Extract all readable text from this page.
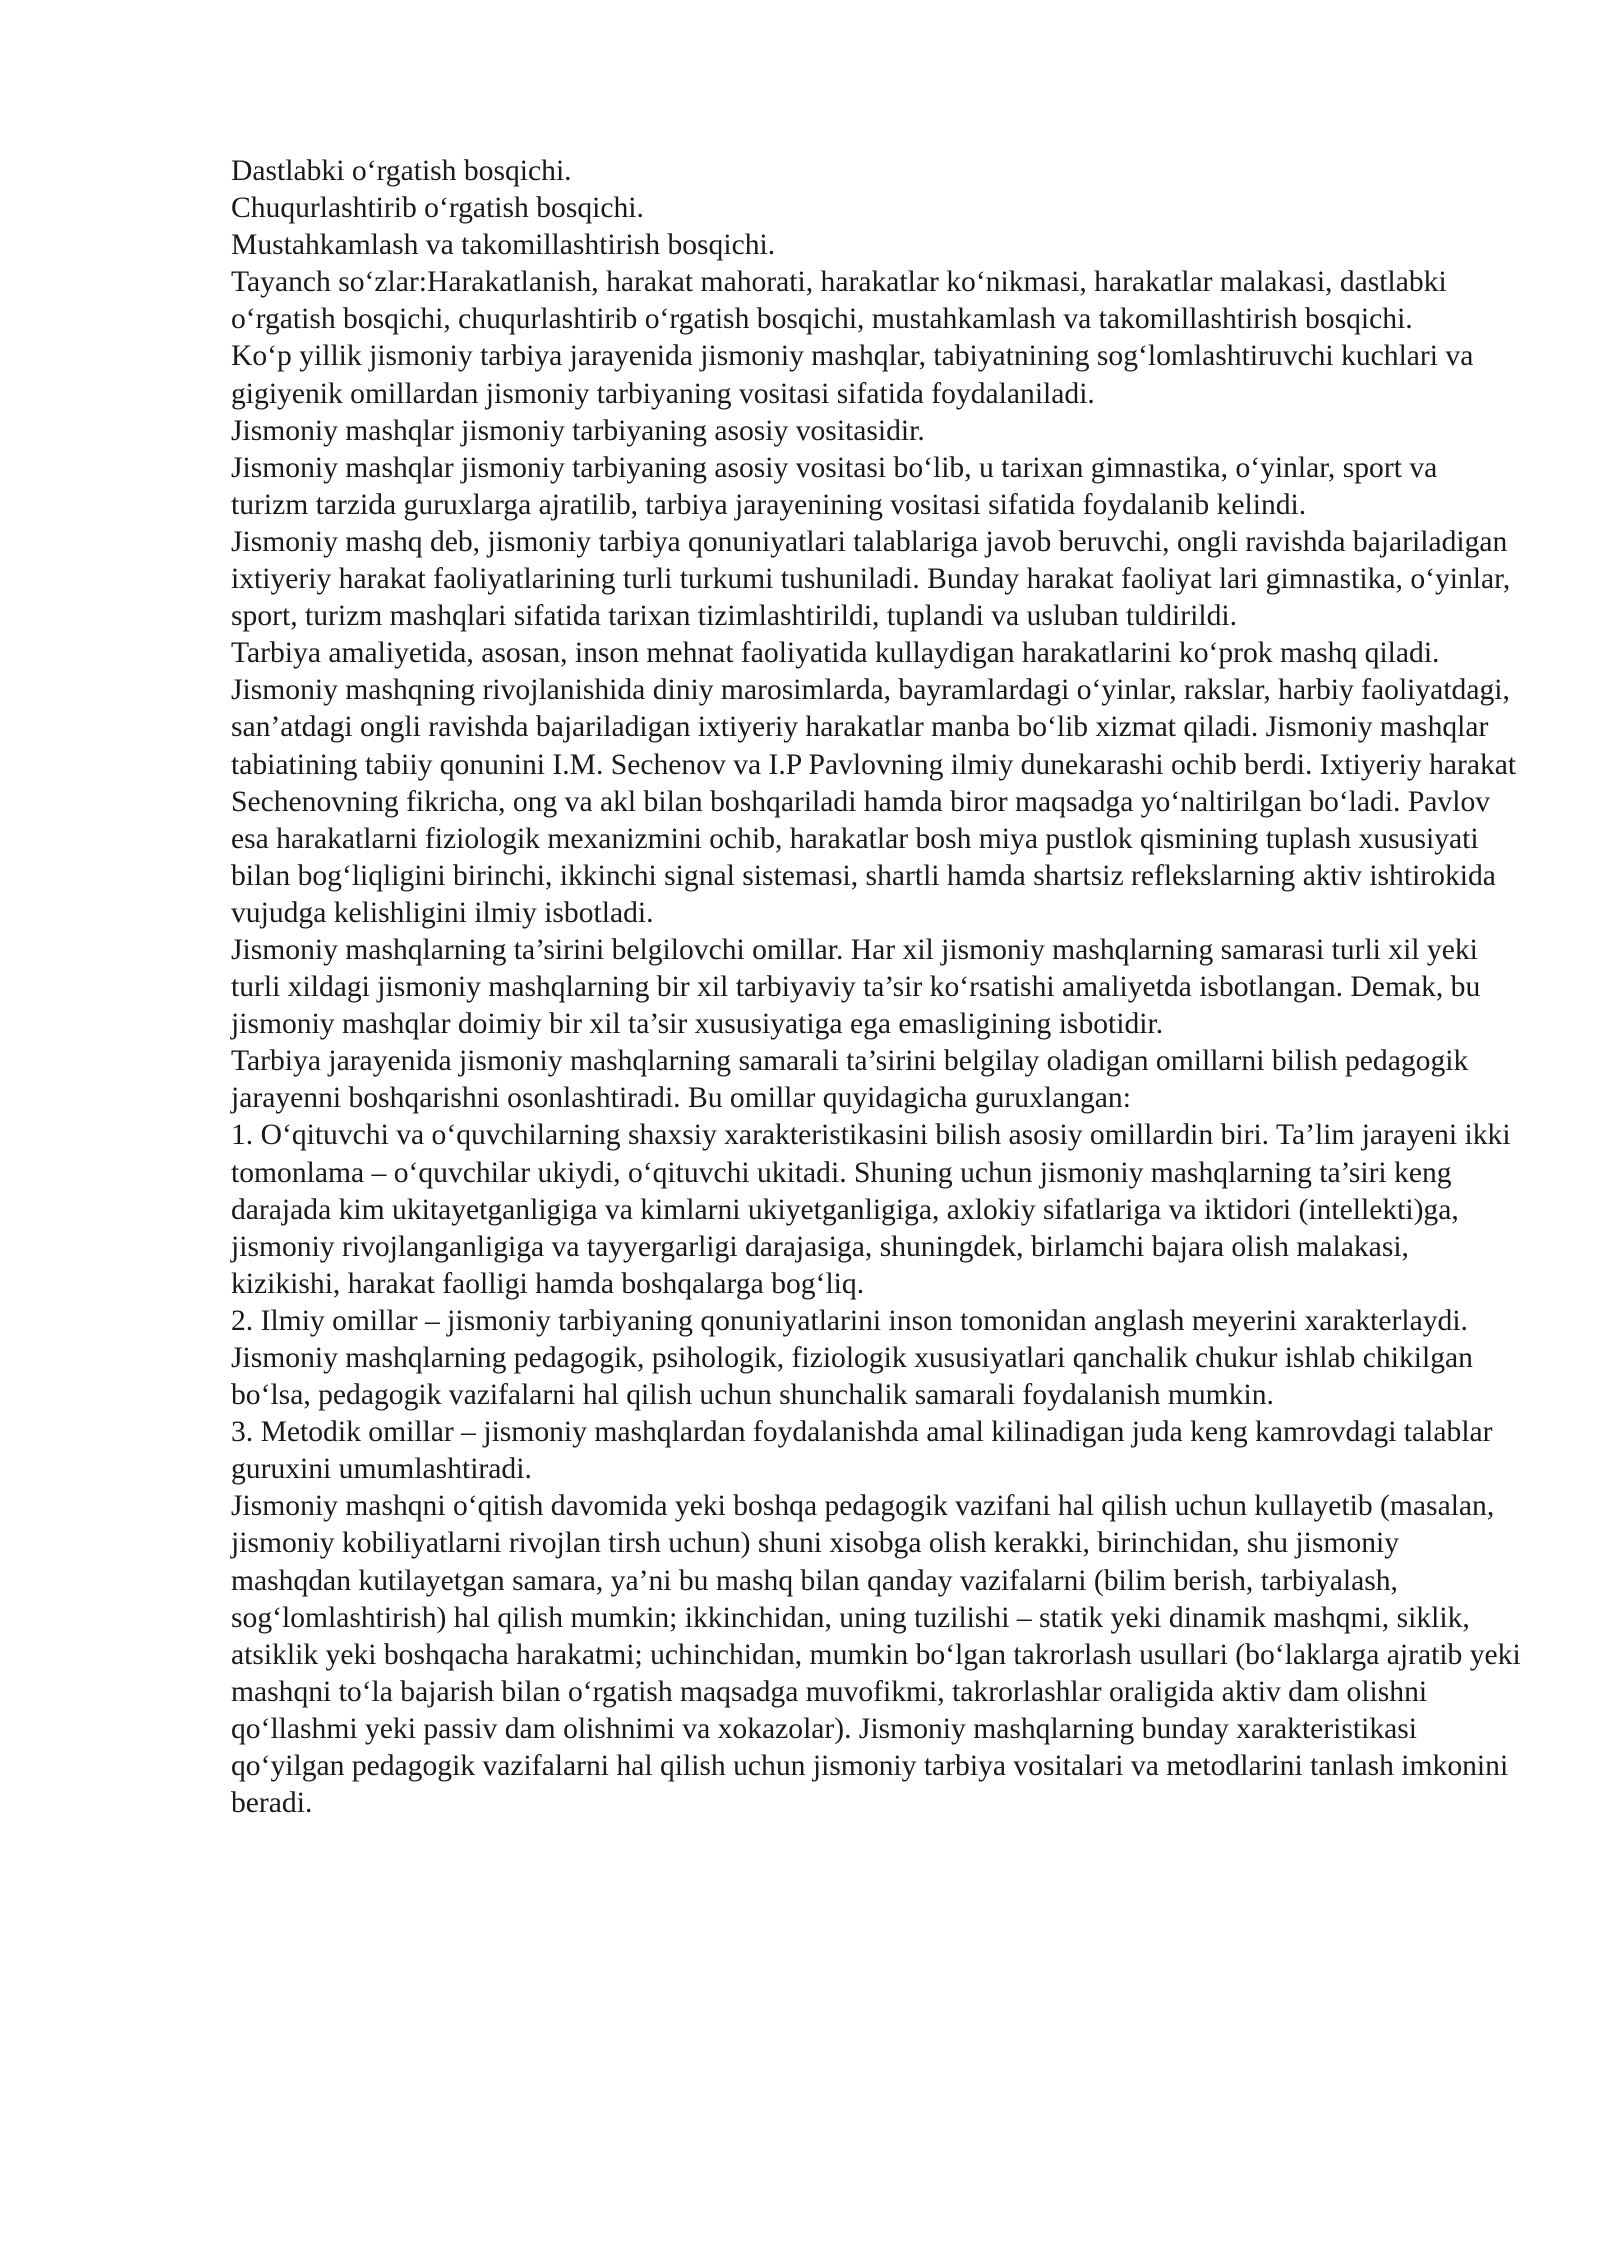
Dastlabki o‘rgatish bosqichi.

Chuqurlashtirib o‘rgatish bosqichi.

Mustahkamlash va takomillashtirish bosqichi.

Tayanch so‘zlar:Harakatlanish, harakat mahorati, harakatlar ko‘nikmasi, harakatlar malakasi, dastlabki o‘rgatish bosqichi, chuqurlashtirib o‘rgatish bosqichi, mustahkamlash va takomillashtirish bosqichi.

Ko‘p yillik jismoniy tarbiya jarayenida jismoniy mashqlar, tabiyatnining sog‘lomlashtiruvchi kuchlari va gigiyenik omillardan jismoniy tarbiyaning vositasi sifatida foydalaniladi.

Jismoniy mashqlar jismoniy tarbiyaning asosiy vositasidir.

Jismoniy mashqlar jismoniy tarbiyaning asosiy vositasi bo‘lib, u tarixan gimnastika, o‘yinlar, sport va turizm tarzida guruxlarga ajratilib, tarbiya jarayenining vositasi sifatida foydalanib kelindi.

Jismoniy mashq deb, jismoniy tarbiya qonuniyatlari talablariga javob beruvchi, ongli ravishda bajariladigan ixtiyeriy harakat faoliyatlarining turli turkumi tushuniladi. Bunday harakat faoliyat lari gimnastika, o‘yinlar, sport, turizm mashqlari sifatida tarixan tizimlashtirildi, tuplandi va usluban tuldirildi.

Tarbiya amaliyetida, asosan, inson mehnat faoliyatida kullaydigan harakatlarini ko‘prok mashq qiladi. Jismoniy mashqning rivojlanishida diniy marosimlarda, bayramlardagi o‘yinlar, rakslar, harbiy faoliyatdagi, san’atdagi ongli ravishda bajariladigan ixtiyeriy harakatlar manba bo‘lib xizmat qiladi. Jismoniy mashqlar tabiatining tabiiy qonunini I.M. Sechenov va I.P Pavlovning ilmiy dunekarashi ochib berdi. Ixtiyeriy harakat Sechenovning fikricha, ong va akl bilan boshqariladi hamda biror maqsadga yo‘naltirilgan bo‘ladi. Pavlov esa harakatlarni fiziologik mexanizmini ochib, harakatlar bosh miya pustlok qismining tuplash xususiyati bilan bog‘liqligini birinchi, ikkinchi signal sistemasi, shartli hamda shartsiz reflekslarning aktiv ishtirokida vujudga kelishligini ilmiy isbotladi.

Jismoniy mashqlarning ta’sirini belgilovchi omillar. Har xil jismoniy mashqlarning samarasi turli xil yeki turli xildagi jismoniy mashqlarning bir xil tarbiyaviy ta’sir ko‘rsatishi amaliyetda isbotlangan. Demak, bu jismoniy mashqlar doimiy bir xil ta’sir xususiyatiga ega emasligining isbotidir.

Tarbiya jarayenida jismoniy mashqlarning samarali ta’sirini belgilay oladigan omillarni bilish pedagogik jarayenni boshqarishni osonlashtiradi. Bu omillar quyidagicha guruxlangan:

1. O‘qituvchi va o‘quvchilarning shaxsiy xarakteristikasini bilish asosiy omillardin biri. Ta’lim jarayeni ikki tomonlama – o‘quvchilar ukiydi, o‘qituvchi ukitadi. Shuning uchun jismoniy mashqlarning ta’siri keng darajada kim ukitayetganligiga va kimlarni ukiyetganligiga, axlokiy sifatlariga va iktidori (intellekti)ga, jismoniy rivojlanganligiga va tayyergarligi darajasiga, shuningdek, birlamchi bajara olish malakasi, kizikishi, harakat faolligi hamda boshqalarga bog‘liq.

2. Ilmiy omillar – jismoniy tarbiyaning qonuniyatlarini inson tomonidan anglash meyerini xarakterlaydi. Jismoniy mashqlarning pedagogik, psihologik, fiziologik xususiyatlari qanchalik chukur ishlab chikilgan bo‘lsa, pedagogik vazifalarni hal qilish uchun shunchalik samarali foydalanish mumkin.

3. Metodik omillar – jismoniy mashqlardan foydalanishda amal kilinadigan juda keng kamrovdagi talablar guruxini umumlashtiradi.

Jismoniy mashqni o‘qitish davomida yeki boshqa pedagogik vazifani hal qilish uchun kullayetib (masalan, jismoniy kobiliyatlarni rivojlan tirsh uchun) shuni xisobga olish kerakki, birinchidan, shu jismoniy mashqdan kutilayetgan samara, ya’ni bu mashq bilan qanday vazifalarni (bilim berish, tarbiyalash, sog‘lomlashtirish) hal qilish mumkin; ikkinchidan, uning tuzilishi – statik yeki dinamik mashqmi, siklik, atsiklik yeki boshqacha harakatmi; uchinchidan, mumkin bo‘lgan takrorlash usullari (bo‘laklarga ajratib yeki mashqni to‘la bajarish bilan o‘rgatish maqsadga muvofikmi, takrorlashlar oraligida aktiv dam olishni qo‘llashmi yeki passiv dam olishnimi va xokazolar). Jismoniy mashqlarning bunday xarakteristikasi qo‘yilgan pedagogik vazifalarni hal qilish uchun jismoniy tarbiya vositalari va metodlarini tanlash imkonini beradi.
